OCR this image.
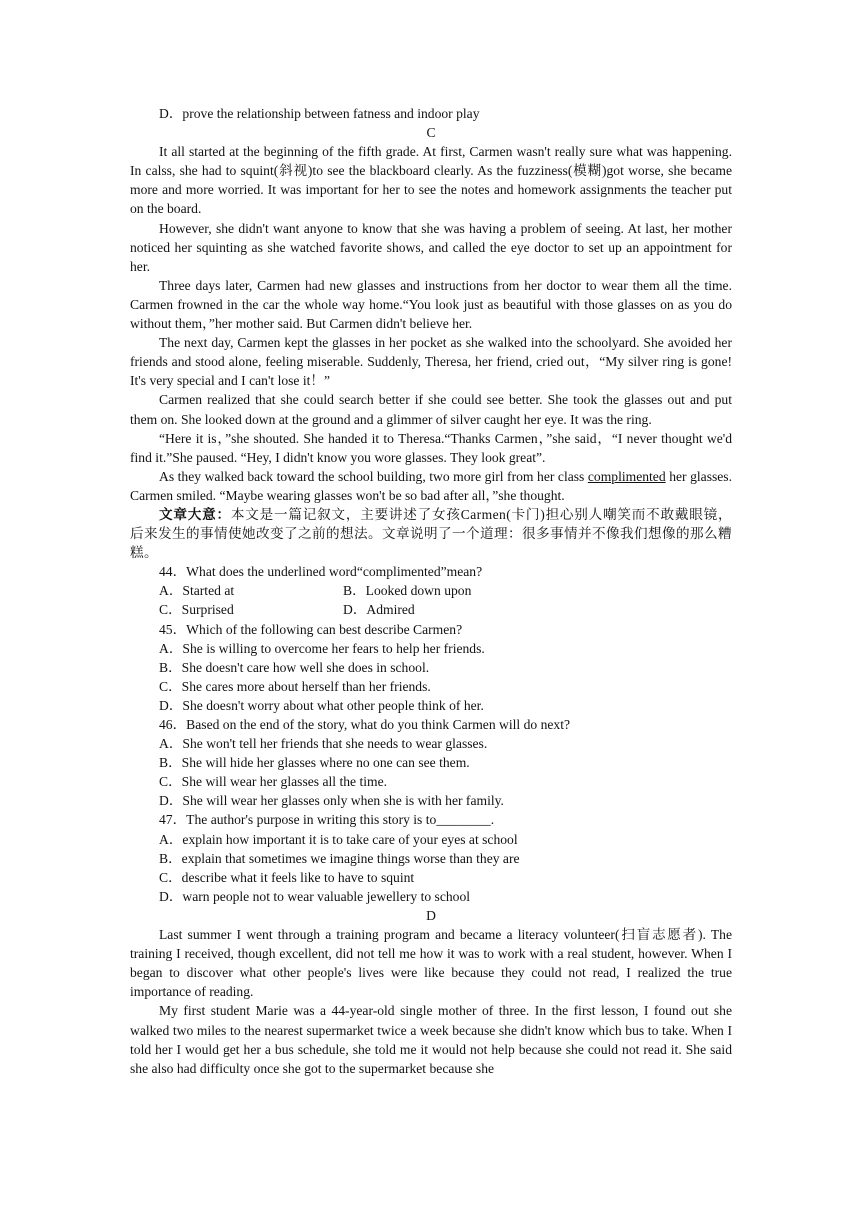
D．prove the relationship between fatness and indoor play

C

It all started at the beginning of the fifth grade. At first, Carmen wasn't really sure what was happening. In calss, she had to squint(斜视)to see the blackboard clearly. As the fuzziness(模糊)got worse, she became more and more worried. It was important for her to see the notes and homework assignments the teacher put on the board.

However, she didn't want anyone to know that she was having a problem of seeing. At last, her mother noticed her squinting as she watched favorite shows, and called the eye doctor to set up an appointment for her.

Three days later, Carmen had new glasses and instructions from her doctor to wear them all the time. Carmen frowned in the car the whole way home.“You look just as beautiful with those glasses on as you do without them，”her mother said. But Carmen didn't believe her.

The next day, Carmen kept the glasses in her pocket as she walked into the schoolyard. She avoided her friends and stood alone, feeling miserable. Suddenly, Theresa, her friend, cried out，“My silver ring is gone! It's very special and I can't lose it！”

Carmen realized that she could search better if she could see better. She took the glasses out and put them on. She looked down at the ground and a glimmer of silver caught her eye. It was the ring.

“Here it is，”she shouted. She handed it to Theresa.“Thanks Carmen，”she said，“I never thought we'd find it.”She paused. “Hey, I didn't know you wore glasses. They look great”.

As they walked back toward the school building, two more girl from her class complimented her glasses. Carmen smiled. “Maybe wearing glasses won't be so bad after all，”she thought.

文章大意：本文是一篇记叙文，主要讲述了女孩Carmen(卡门)担心别人嘲笑而不敢戴眼镜，后来发生的事情使她改变了之前的想法。文章说明了一个道理：很多事情并不像我们想像的那么糟糕。

44．What does the underlined word“complimented”mean?

A．Started at	B．Looked down upon

C．Surprised	D．Admired

45．Which of the following can best describe Carmen?

A．She is willing to overcome her fears to help her friends.

B．She doesn't care how well she does in school.

C．She cares more about herself than her friends.

D．She doesn't worry about what other people think of her.

46．Based on the end of the story, what do you think Carmen will do next?

A．She won't tell her friends that she needs to wear glasses.

B．She will hide her glasses where no one can see them.

C．She will wear her glasses all the time.

D．She will wear her glasses only when she is with her family.

47．The author's purpose in writing this story is to________.

A．explain how important it is to take care of your eyes at school

B．explain that sometimes we imagine things worse than they are

C．describe what it feels like to have to squint

D．warn people not to wear valuable jewellery to school

D

Last summer I went through a training program and became a literacy volunteer(扫盲志愿者). The training I received, though excellent, did not tell me how it was to work with a real student, however. When I began to discover what other people's lives were like because they could not read, I realized the true importance of reading.

My first student Marie was a 44-year-old single mother of three. In the first lesson, I found out she walked two miles to the nearest supermarket twice a week because she didn't know which bus to take. When I told her I would get her a bus schedule, she told me it would not help because she could not read it. She said she also had difficulty once she got to the supermarket because she
